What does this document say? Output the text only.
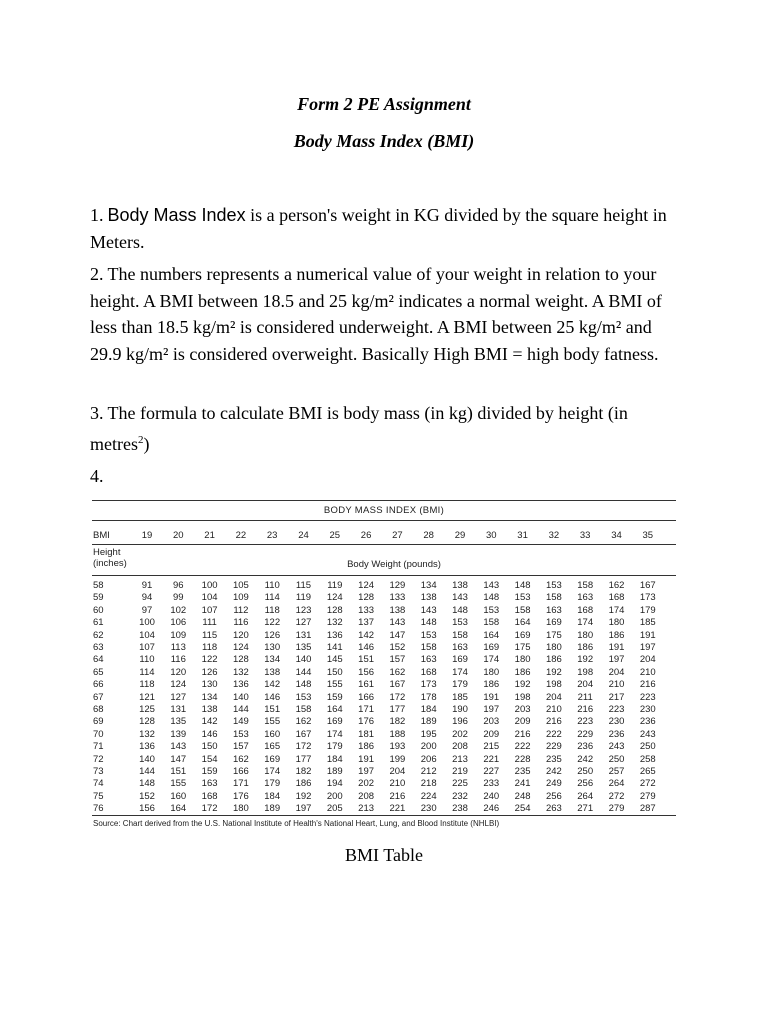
Form 2 PE Assignment
Body Mass Index (BMI)

1. Body Mass Index is a person's weight in KG divided by the square height in Meters.

2. The numbers represents a numerical value of your weight in relation to your height. A BMI between 18.5 and 25 kg/m² indicates a normal weight. A BMI of less than 18.5 kg/m² is considered underweight. A BMI between 25 kg/m² and 29.9 kg/m² is considered overweight. Basically High BMI = high body fatness.

3. The formula to calculate BMI is body mass (in kg) divided by height (in metres$^2$)

4.

BODY MASS INDEX (BMI)
BMI	19	20	21	22	23	24	25	26	27	28	29	30	31	32	33	34	35
Height
(inches)	Body Weight (pounds)
58	91	96	100	105	110	115	119	124	129	134	138	143	148	153	158	162	167
59	94	99	104	109	114	119	124	128	133	138	143	148	153	158	163	168	173
60	97	102	107	112	118	123	128	133	138	143	148	153	158	163	168	174	179
61	100	106	111	116	122	127	132	137	143	148	153	158	164	169	174	180	185
62	104	109	115	120	126	131	136	142	147	153	158	164	169	175	180	186	191
63	107	113	118	124	130	135	141	146	152	158	163	169	175	180	186	191	197
64	110	116	122	128	134	140	145	151	157	163	169	174	180	186	192	197	204
65	114	120	126	132	138	144	150	156	162	168	174	180	186	192	198	204	210
66	118	124	130	136	142	148	155	161	167	173	179	186	192	198	204	210	216
67	121	127	134	140	146	153	159	166	172	178	185	191	198	204	211	217	223
68	125	131	138	144	151	158	164	171	177	184	190	197	203	210	216	223	230
69	128	135	142	149	155	162	169	176	182	189	196	203	209	216	223	230	236
70	132	139	146	153	160	167	174	181	188	195	202	209	216	222	229	236	243
71	136	143	150	157	165	172	179	186	193	200	208	215	222	229	236	243	250
72	140	147	154	162	169	177	184	191	199	206	213	221	228	235	242	250	258
73	144	151	159	166	174	182	189	197	204	212	219	227	235	242	250	257	265
74	148	155	163	171	179	186	194	202	210	218	225	233	241	249	256	264	272
75	152	160	168	176	184	192	200	208	216	224	232	240	248	256	264	272	279
76	156	164	172	180	189	197	205	213	221	230	238	246	254	263	271	279	287
Source: Chart derived from the U.S. National Institute of Health's National Heart, Lung, and Blood Institute (NHLBI)

BMI Table
